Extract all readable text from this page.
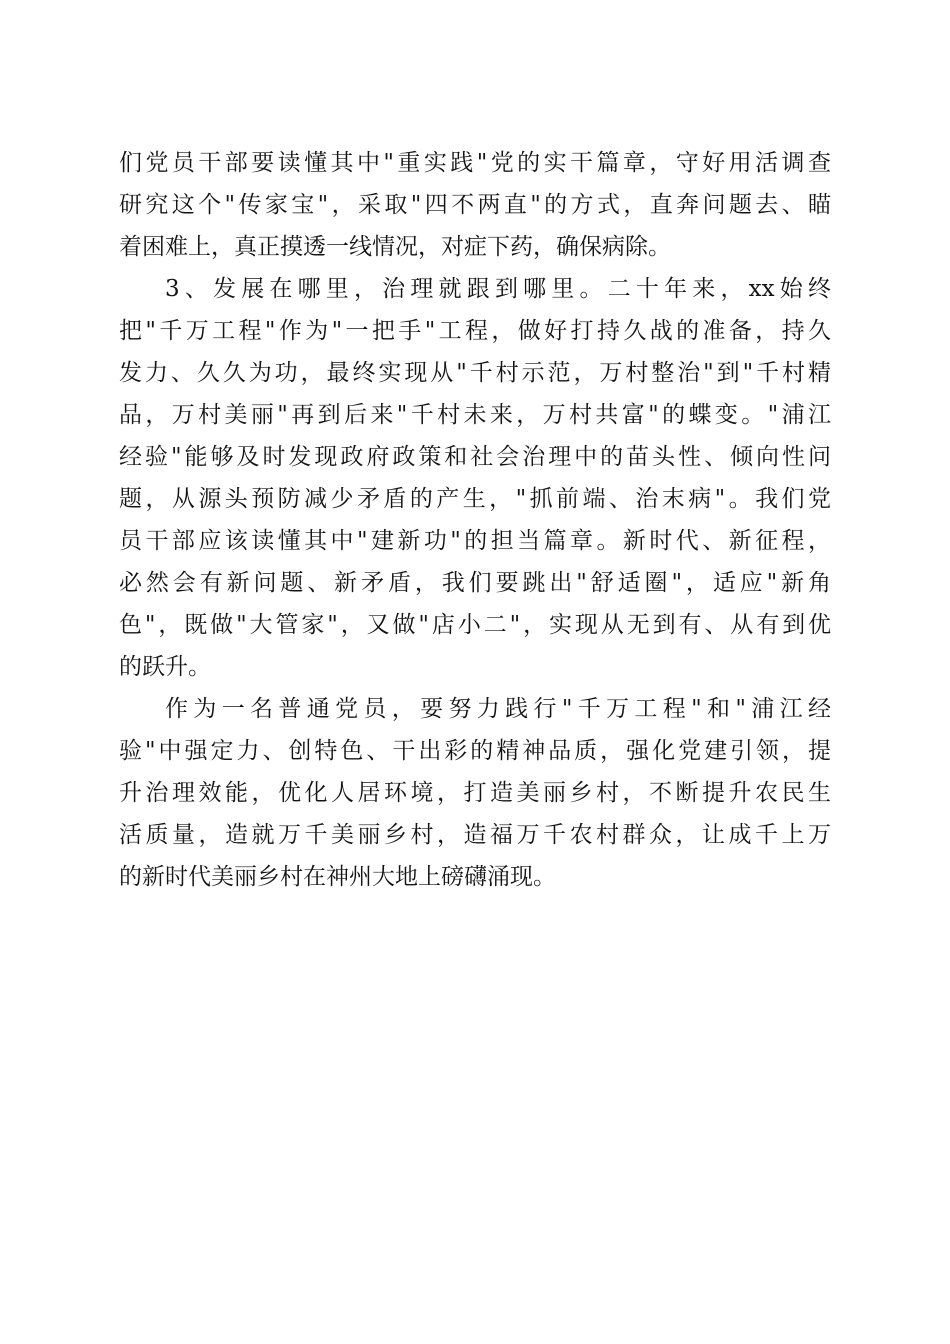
们党员干部要读懂其中"重实践"党的实干篇章，守好用活调查
研究这个"传家宝"，采取"四不两直"的方式，直奔问题去、瞄
着困难上，真正摸透一线情况，对症下药，确保病除。
3、发展在哪里，治理就跟到哪里。二十年来，xx始终
把"千万工程"作为"一把手"工程，做好打持久战的准备，持久
发力、久久为功，最终实现从"千村示范，万村整治"到"千村精
品，万村美丽"再到后来"千村未来，万村共富"的蝶变。"浦江
经验"能够及时发现政府政策和社会治理中的苗头性、倾向性问
题，从源头预防减少矛盾的产生，"抓前端、治末病"。我们党
员干部应该读懂其中"建新功"的担当篇章。新时代、新征程，
必然会有新问题、新矛盾，我们要跳出"舒适圈"，适应"新角
色"，既做"大管家"，又做"店小二"，实现从无到有、从有到优
的跃升。
作为一名普通党员，要努力践行"千万工程"和"浦江经
验"中强定力、创特色、干出彩的精神品质，强化党建引领，提
升治理效能，优化人居环境，打造美丽乡村，不断提升农民生
活质量，造就万千美丽乡村，造福万千农村群众，让成千上万
的新时代美丽乡村在神州大地上磅礴涌现。
